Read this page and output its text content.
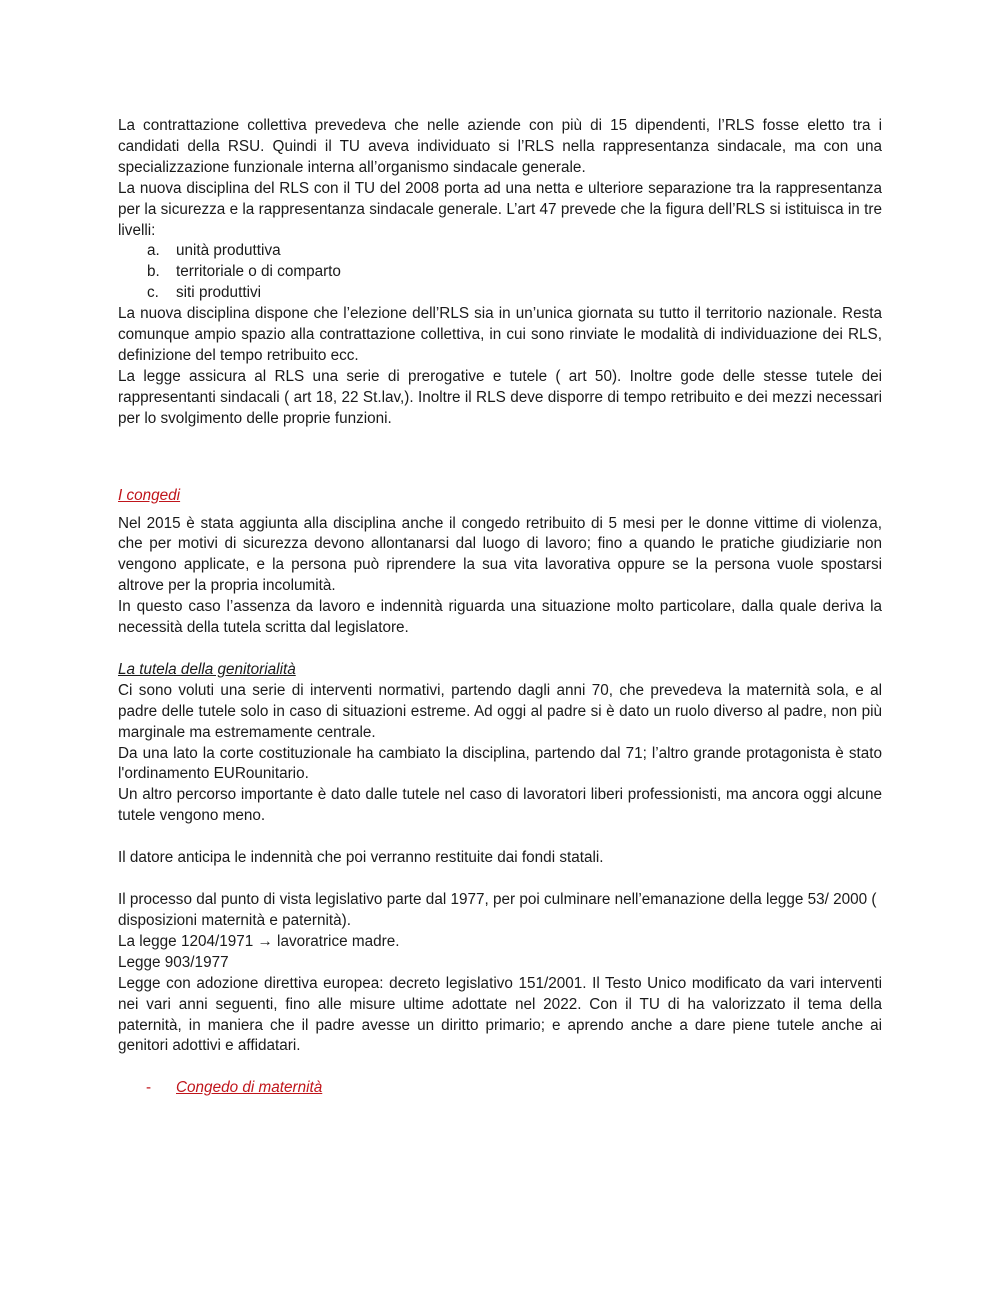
La contrattazione collettiva prevedeva che nelle aziende con più di 15 dipendenti, l’RLS fosse eletto tra i candidati della RSU. Quindi il TU aveva individuato si l’RLS nella rappresentanza sindacale, ma con una specializzazione funzionale interna all’organismo sindacale generale.

La nuova disciplina del RLS con il TU del 2008 porta ad una netta e ulteriore separazione tra la rappresentanza per la sicurezza e la rappresentanza sindacale generale. L’art 47 prevede che la figura dell’RLS si istituisca in tre livelli:

a. unità produttiva
b. territoriale o di comparto
c. siti produttivi

La nuova disciplina dispone che l’elezione dell’RLS sia in un’unica giornata su tutto il territorio nazionale. Resta comunque ampio spazio alla contrattazione collettiva, in cui sono rinviate le modalità di individuazione dei RLS, definizione del tempo retribuito ecc.

La legge assicura al RLS una serie di prerogative e tutele ( art 50). Inoltre gode delle stesse tutele dei rappresentanti sindacali ( art 18, 22 St.lav,). Inoltre il RLS deve disporre di tempo retribuito e dei mezzi necessari per lo svolgimento delle proprie funzioni.

I congedi

Nel 2015 è stata aggiunta alla disciplina anche il congedo retribuito di 5 mesi per le donne vittime di violenza, che per motivi di sicurezza devono allontanarsi dal luogo di lavoro; fino a quando le pratiche giudiziarie non vengono applicate, e la persona può riprendere la sua vita lavorativa oppure se la persona vuole spostarsi altrove per la propria incolumità.

In questo caso l’assenza da lavoro e indennità riguarda una situazione molto particolare, dalla quale deriva la necessità della tutela scritta dal legislatore.

La tutela della genitorialità

Ci sono voluti una serie di interventi normativi, partendo dagli anni 70, che prevedeva la maternità sola, e al padre delle tutele solo in caso di situazioni estreme. Ad oggi al padre si è dato un ruolo diverso al padre, non più marginale ma estremamente centrale.

Da una lato la corte costituzionale ha cambiato la disciplina, partendo dal 71; l’altro grande protagonista è stato l'ordinamento EURounitario.

Un altro percorso importante è dato dalle tutele nel caso di lavoratori liberi professionisti, ma ancora oggi alcune tutele vengono meno.

Il datore anticipa le indennità che poi verranno restituite dai fondi statali.

Il processo dal punto di vista legislativo parte dal 1977, per poi culminare nell’emanazione della legge 53/ 2000 ( disposizioni maternità e paternità).

La legge 1204/1971 → lavoratrice madre.

Legge 903/1977

Legge con adozione direttiva europea: decreto legislativo 151/2001. Il Testo Unico modificato da vari interventi nei vari anni seguenti, fino alle misure ultime adottate nel 2022. Con il TU di ha valorizzato il tema della paternità, in maniera che il padre avesse un diritto primario; e aprendo anche a dare piene tutele anche ai genitori adottivi e affidatari.

- Congedo di maternità
